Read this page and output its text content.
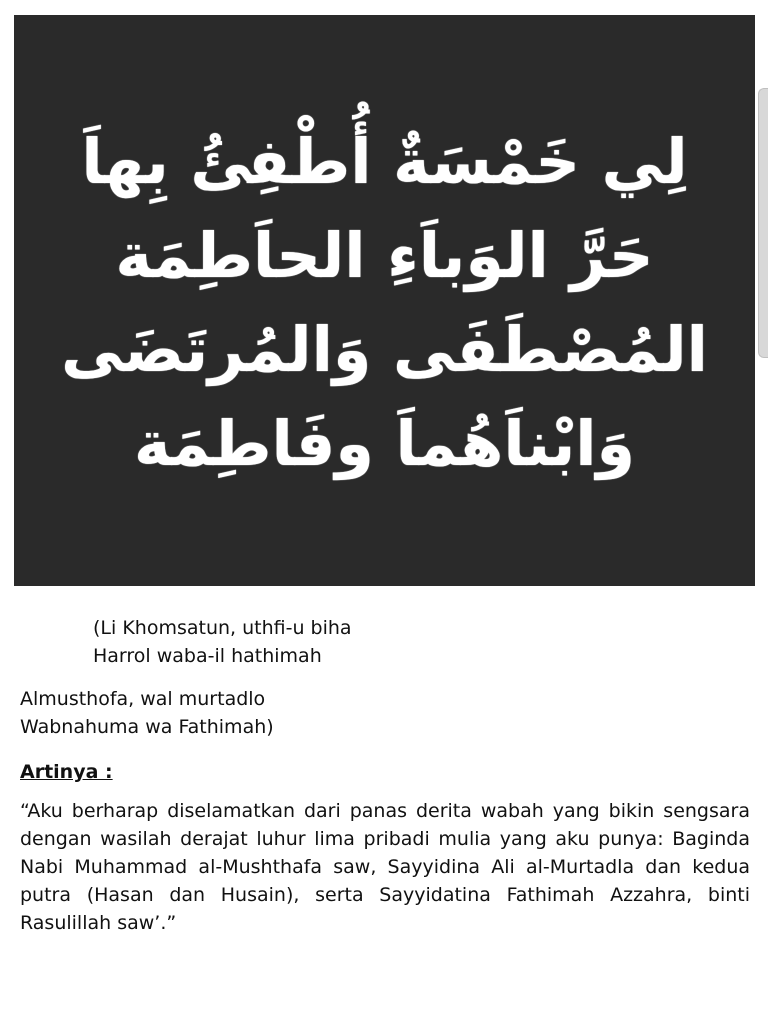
لِي خَمْسَةٌ أُطْفِئُ بِهاَ
حَرَّ الوَباَءِ الحاَطِمَة
المُصْطَفَى وَالمُرتَضَى
وَابْناَهُماَ وفَاطِمَة
(Li Khomsatun, uthfi-u biha
Harrol waba-il hathimah
Almusthofa, wal murtadlo
Wabnahuma wa Fathimah)
Artinya :
“Aku berharap diselamatkan dari panas derita wabah yang bikin sengsara dengan wasilah derajat luhur lima pribadi mulia yang aku punya: Baginda Nabi Muhammad al-Mushthafa saw, Sayyidina Ali al-Murtadla dan kedua putra (Hasan dan Husain), serta Sayyidatina Fathimah Azzahra, binti Rasulillah saw’.”
